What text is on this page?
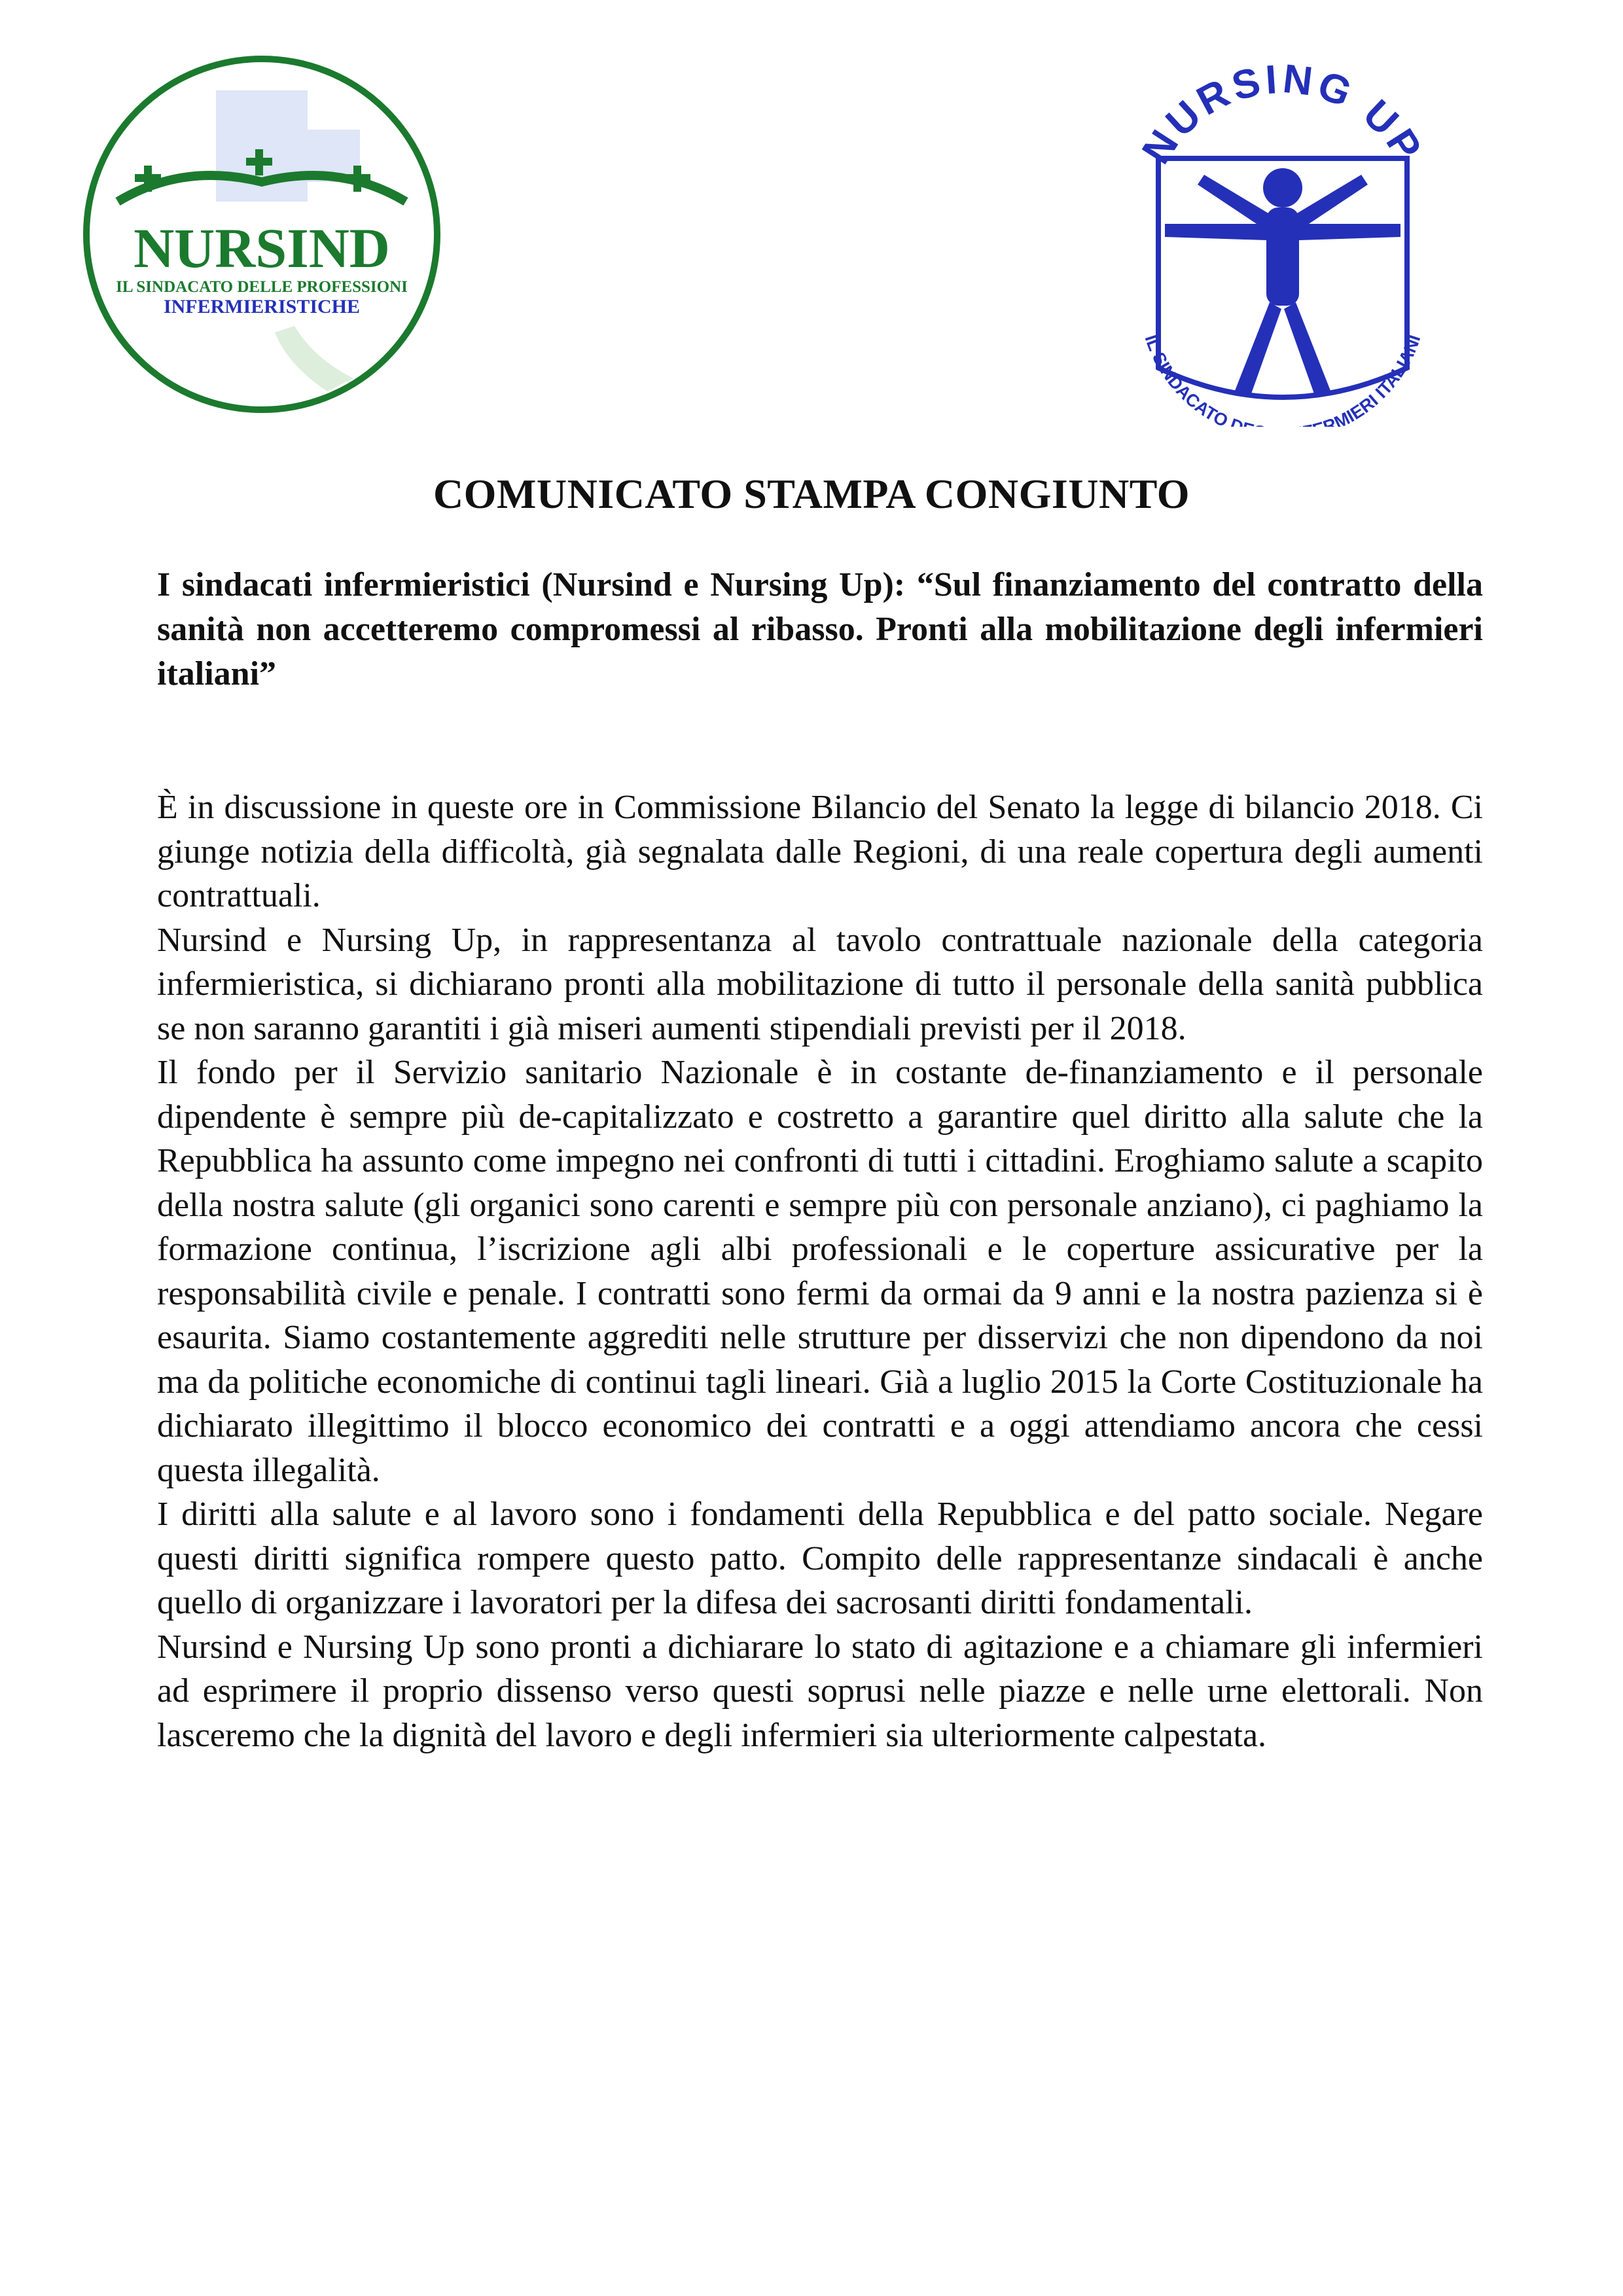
NURSIND
IL SINDACATO DELLE PROFESSIONI
INFERMIERISTICHE
NURSING UP
IL SINDACATO D RMIERI ITALIANI
COMUNICATO STAMPA CONGIUNTO

I sindacati infermieristici (Nursind e Nursing Up): “Sul finanziamento del contratto della sanità non accetteremo compromessi al ribasso. Pronti alla mobilitazione degli infermieri italiani”

È in discussione in queste ore in Commissione Bilancio del Senato la legge di bilancio 2018. Ci giunge notizia della difficoltà, già segnalata dalle Regioni, di una reale copertura degli aumenti contrattuali.

Nursind e Nursing Up, in rappresentanza al tavolo contrattuale nazionale della categoria infermieristica, si dichiarano pronti alla mobilitazione di tutto il personale della sanità pubblica se non saranno garantiti i già miseri aumenti stipendiali previsti per il 2018.

Il fondo per il Servizio sanitario Nazionale è in costante de-finanziamento e il personale dipendente è sempre più de-capitalizzato e costretto a garantire quel diritto alla salute che la Repubblica ha assunto come impegno nei confronti di tutti i cittadini. Eroghiamo salute a scapito della nostra salute (gli organici sono carenti e sempre più con personale anziano), ci paghiamo la formazione continua, l’iscrizione agli albi professionali e le coperture assicurative per la responsabilità civile e penale. I contratti sono fermi da ormai da 9 anni e la nostra pazienza si è esaurita. Siamo costantemente aggrediti nelle strutture per disservizi che non dipendono da noi ma da politiche economiche di continui tagli lineari. Già a luglio 2015 la Corte Costituzionale ha dichiarato illegittimo il blocco economico dei contratti e a oggi attendiamo ancora che cessi questa illegalità.

I diritti alla salute e al lavoro sono i fondamenti della Repubblica e del patto sociale. Negare questi diritti significa rompere questo patto. Compito delle rappresentanze sindacali è anche quello di organizzare i lavoratori per la difesa dei sacrosanti diritti fondamentali.

Nursind e Nursing Up sono pronti a dichiarare lo stato di agitazione e a chiamare gli infermieri ad esprimere il proprio dissenso verso questi soprusi nelle piazze e nelle urne elettorali. Non lasceremo che la dignità del lavoro e degli infermieri sia ulteriormente calpestata.
